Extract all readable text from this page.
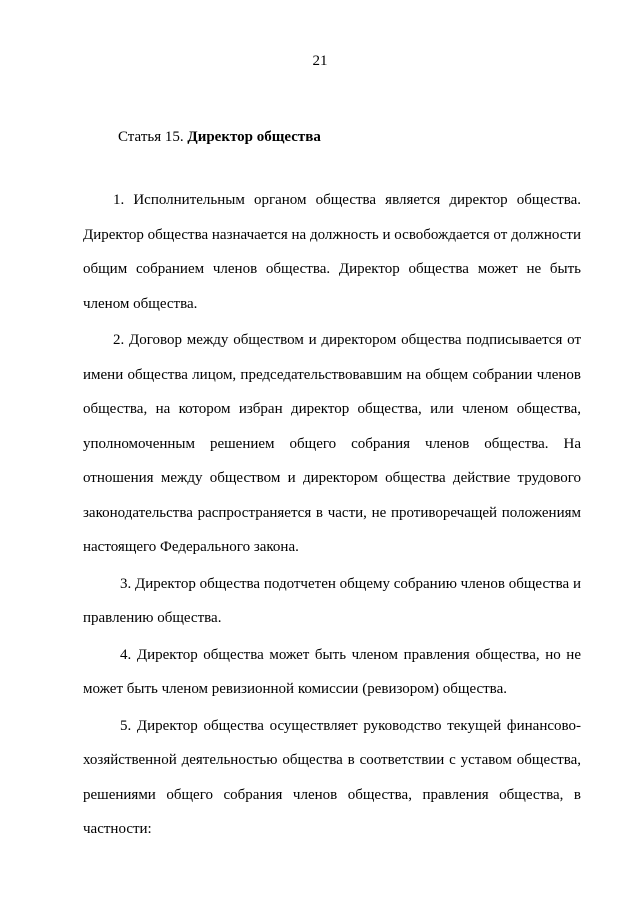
21
Статья 15. Директор общества

1. Исполнительным органом общества является директор общества. Директор общества назначается на должность и освобождается от должности общим собранием членов общества. Директор общества может не быть членом общества.

2. Договор между обществом и директором общества подписывается от имени общества лицом, председательствовавшим на общем собрании членов общества, на котором избран директор общества, или членом общества, уполномоченным решением общего собрания членов общества. На отношения между обществом и директором общества действие трудового законодательства распространяется в части, не противоречащей положениям настоящего Федерального закона.

3. Директор общества подотчетен общему собранию членов общества и правлению общества.

4. Директор общества может быть членом правления общества, но не может быть членом ревизионной комиссии (ревизором) общества.

5. Директор общества осуществляет руководство текущей финансово-хозяйственной деятельностью общества в соответствии с уставом общества, решениями общего собрания членов общества, правления общества, в частности:
